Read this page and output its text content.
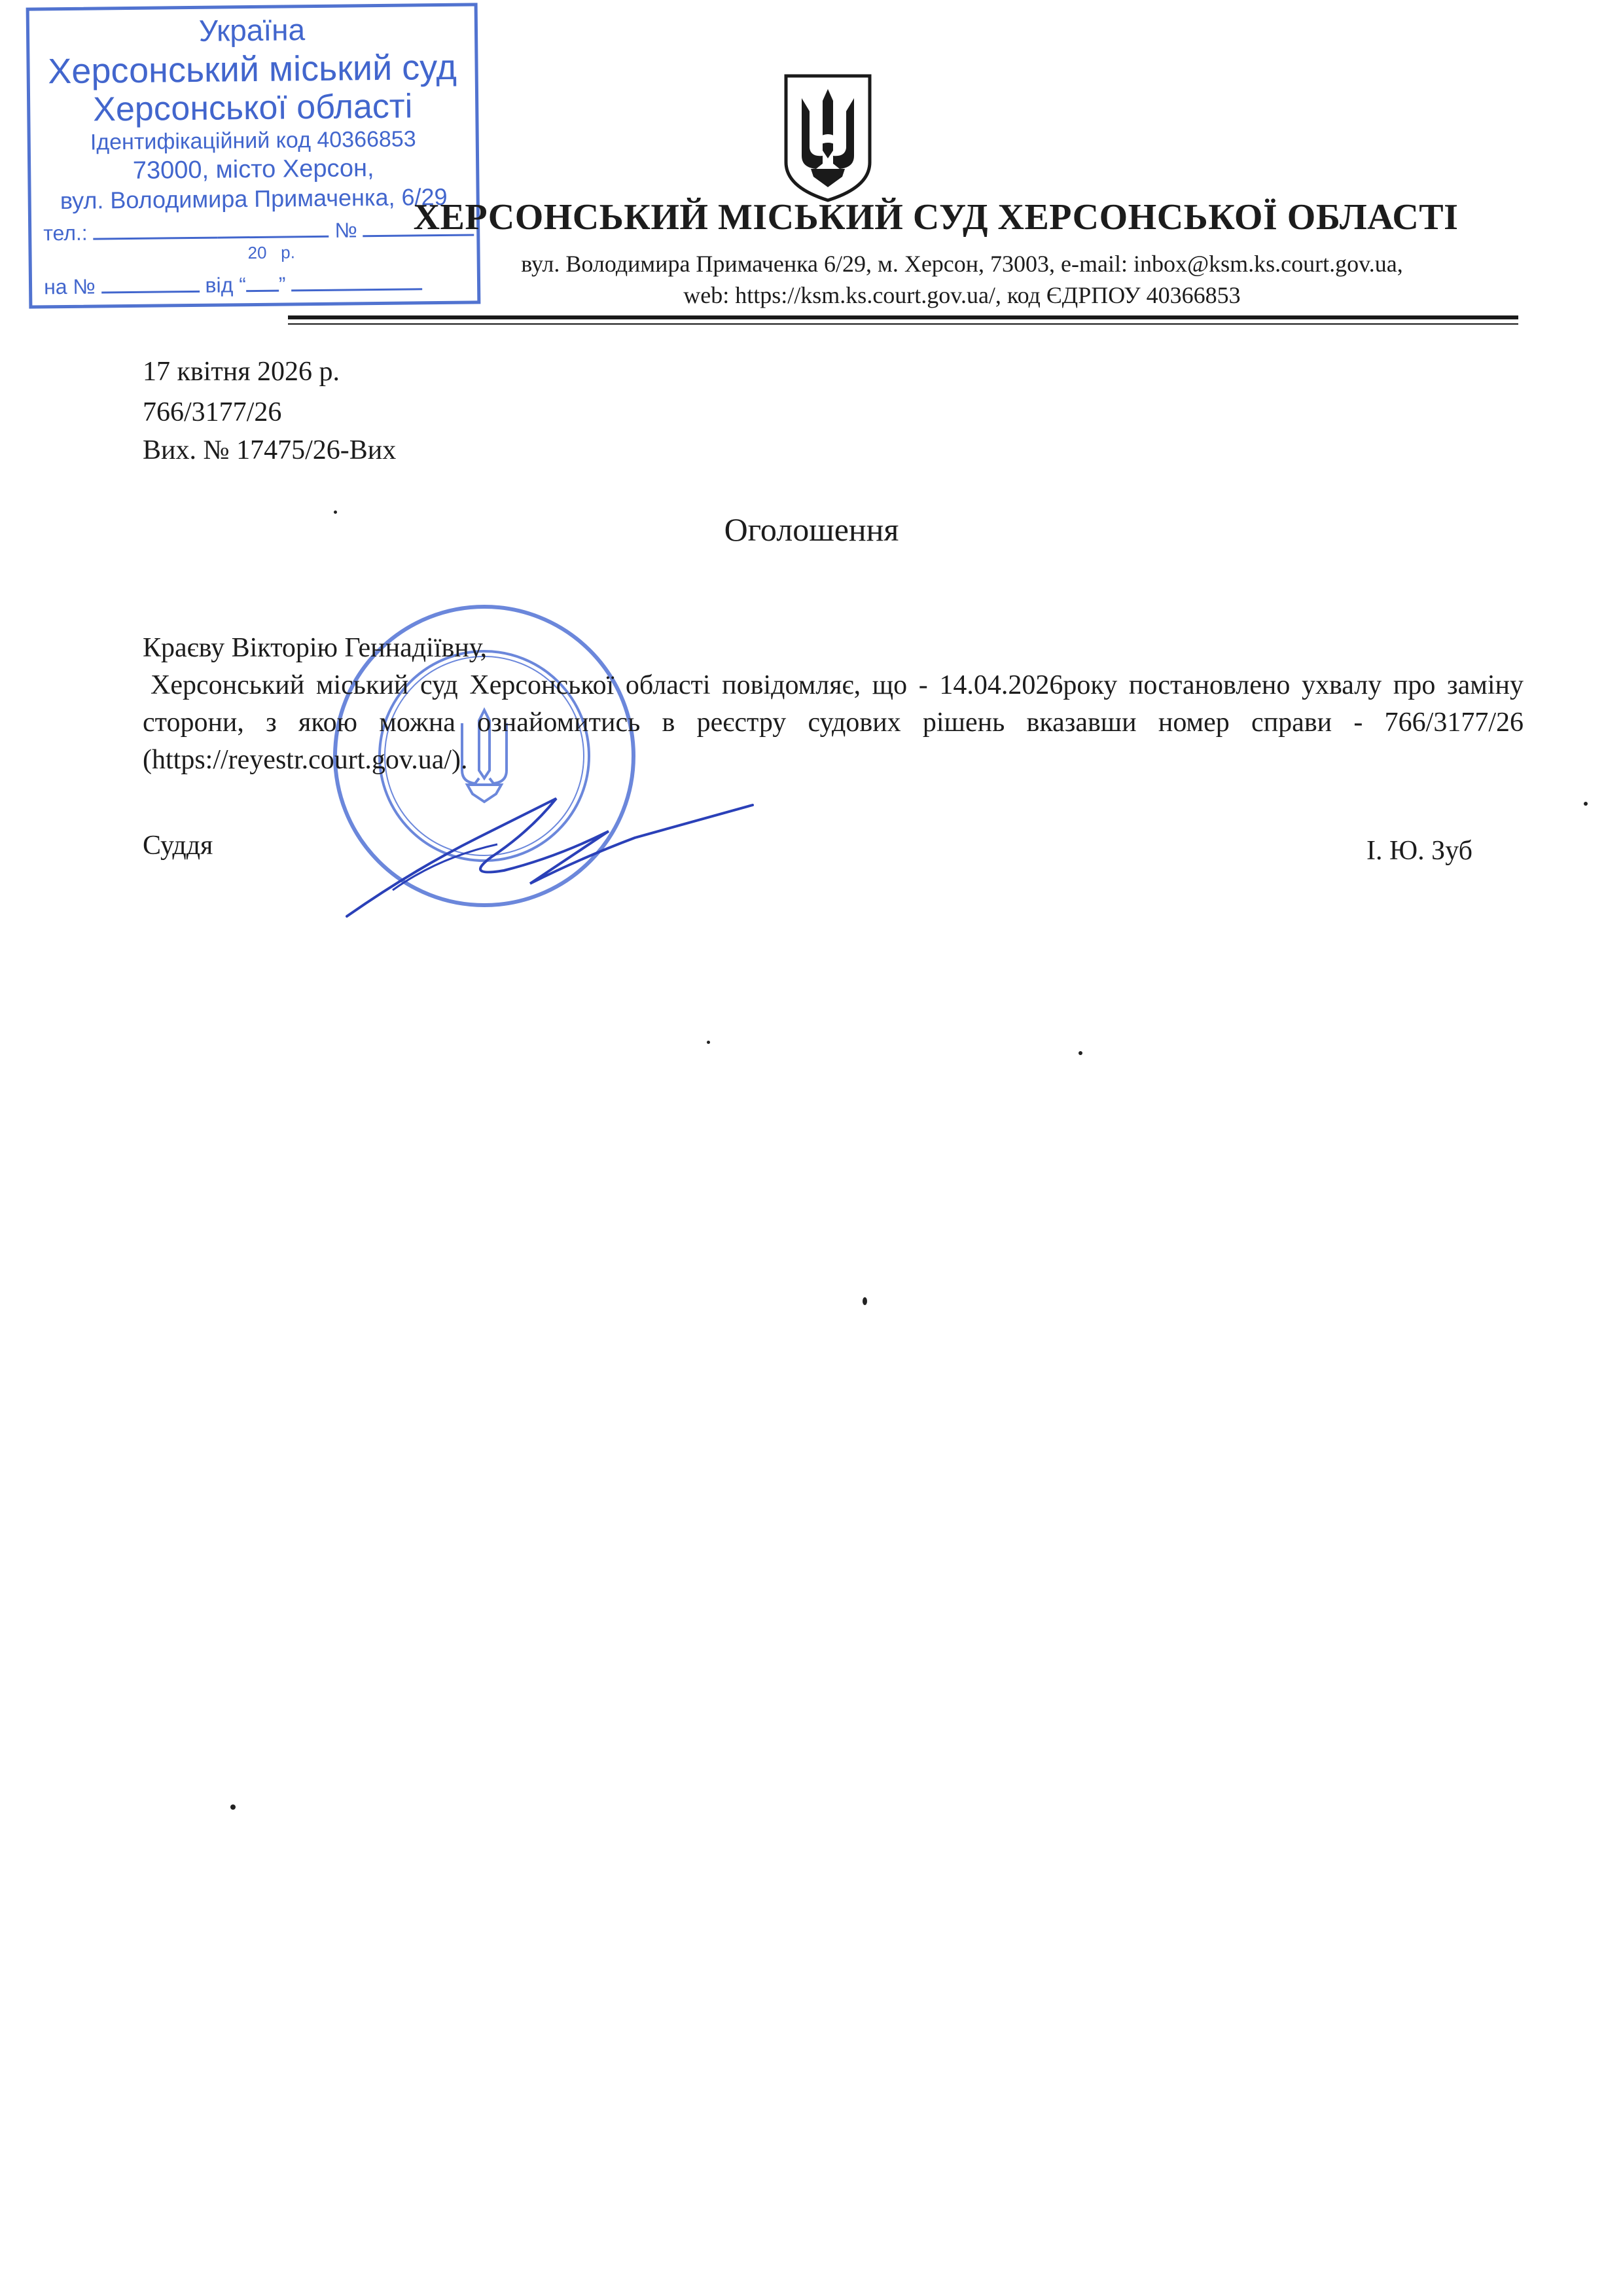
Україна
Херсонський міський суд
Херсонської області
Ідентифікаційний код 40366853
73000, місто Херсон,
вул. Володимира Примаченка, 6/29
тел.:	№
20 р.
на №	від “ ”
ХЕРСОНСЬКИЙ МІСЬКИЙ СУД ХЕРСОНСЬКОЇ ОБЛАСТІ
вул. Володимира Примаченка 6/29, м. Херсон, 73003, e-mail: inbox@ksm.ks.court.gov.ua,
web: https://ksm.ks.court.gov.ua/, код ЄДРПОУ 40366853
17 квітня 2026 р.
766/3177/26
Вих. № 17475/26-Вих
Оголошення

Краєву Вікторію Геннадіївну,

Херсонський міський суд Херсонської області повідомляє, що - 14.04.2026року постановлено ухвалу про заміну сторони, з якою можна ознайомитись в реєстру судових рішень вказавши номер справи - 766/3177/26 (https://reyestr.court.gov.ua/).

Суддя	І. Ю. Зуб
